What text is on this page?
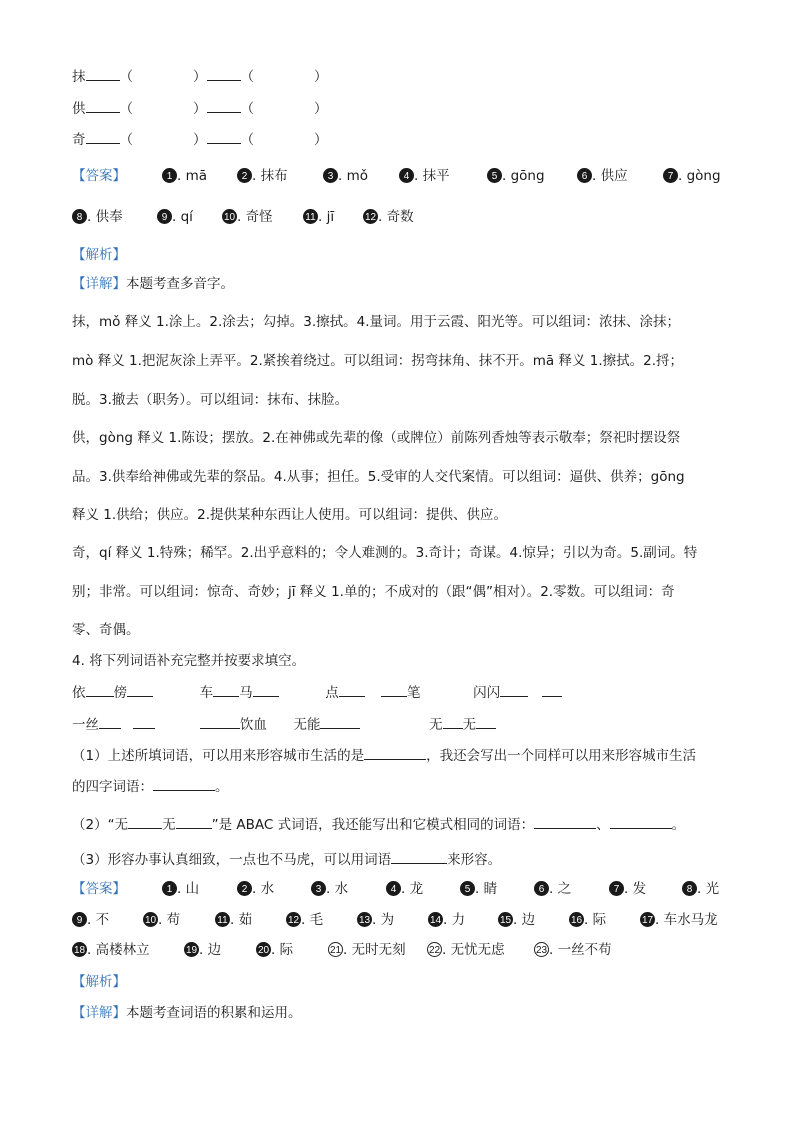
抹	（	）	（	）
供	（	）	（	）
奇	（	）	（	）
【答案】	1 . mā	2 . 抹布	3 . mǒ	4 . 抹平	5 . gōng	6 . 供应	7 . gòng
8 . 供奉	9 . qí	10 . 奇怪	11 . jī	12 . 奇数
【解析】
【详解】本题考查多音字。
抹，mǒ 释义 1.涂上。2.涂去；勾掉。3.擦拭。4.量词。用于云霞、阳光等。可以组词：浓抹、涂抹；
mò 释义 1.把泥灰涂上弄平。2.紧挨着绕过。可以组词：拐弯抹角、抹不开。mā 释义 1.擦拭。2.捋；
脱。3.撤去（职务）。可以组词：抹布、抹脸。
供，gòng 释义 1.陈设；摆放。2.在神佛或先辈的像（或牌位）前陈列香烛等表示敬奉；祭祀时摆设祭
品。3.供奉给神佛或先辈的祭品。4.从事；担任。5.受审的人交代案情。可以组词：逼供、供养；gōng
释义 1.供给；供应。2.提供某种东西让人使用。可以组词：提供、供应。
奇，qí 释义 1.特殊；稀罕。2.出乎意料的；令人难测的。3.奇计；奇谋。4.惊异；引以为奇。5.副词。特
别；非常。可以组词：惊奇、奇妙；jī 释义 1.单的；不成对的（跟“偶”相对）。2.零数。可以组词：奇
零、奇偶。
4. 将下列词语补充完整并按要求填空。
依 傍	车 马	点	笔	闪闪
一丝	饮血 无能	无 无
（1）上述所填词语，可以用来形容城市生活的是	，我还会写出一个同样可以用来形容城市生活
的四字词语：	。
（2）“无	无	”是 ABAC 式词语，我还能写出和它模式相同的词语：	、	。
（3）形容办事认真细致，一点也不马虎，可以用词语	来形容。
【答案】	1 . 山	2 . 水	3 . 水	4 . 龙	5 . 睛	6 . 之	7 . 发	8 . 光
9 . 不	10 . 苟	11 . 茹	12 . 毛	13 . 为	14 . 力	15 . 边	16 . 际	17 . 车水马龙
18 . 高楼林立	19 . 边	20 . 际	21 . 无时无刻 22 . 无忧无虑	23 . 一丝不苟
【解析】
【详解】本题考查词语的积累和运用。
